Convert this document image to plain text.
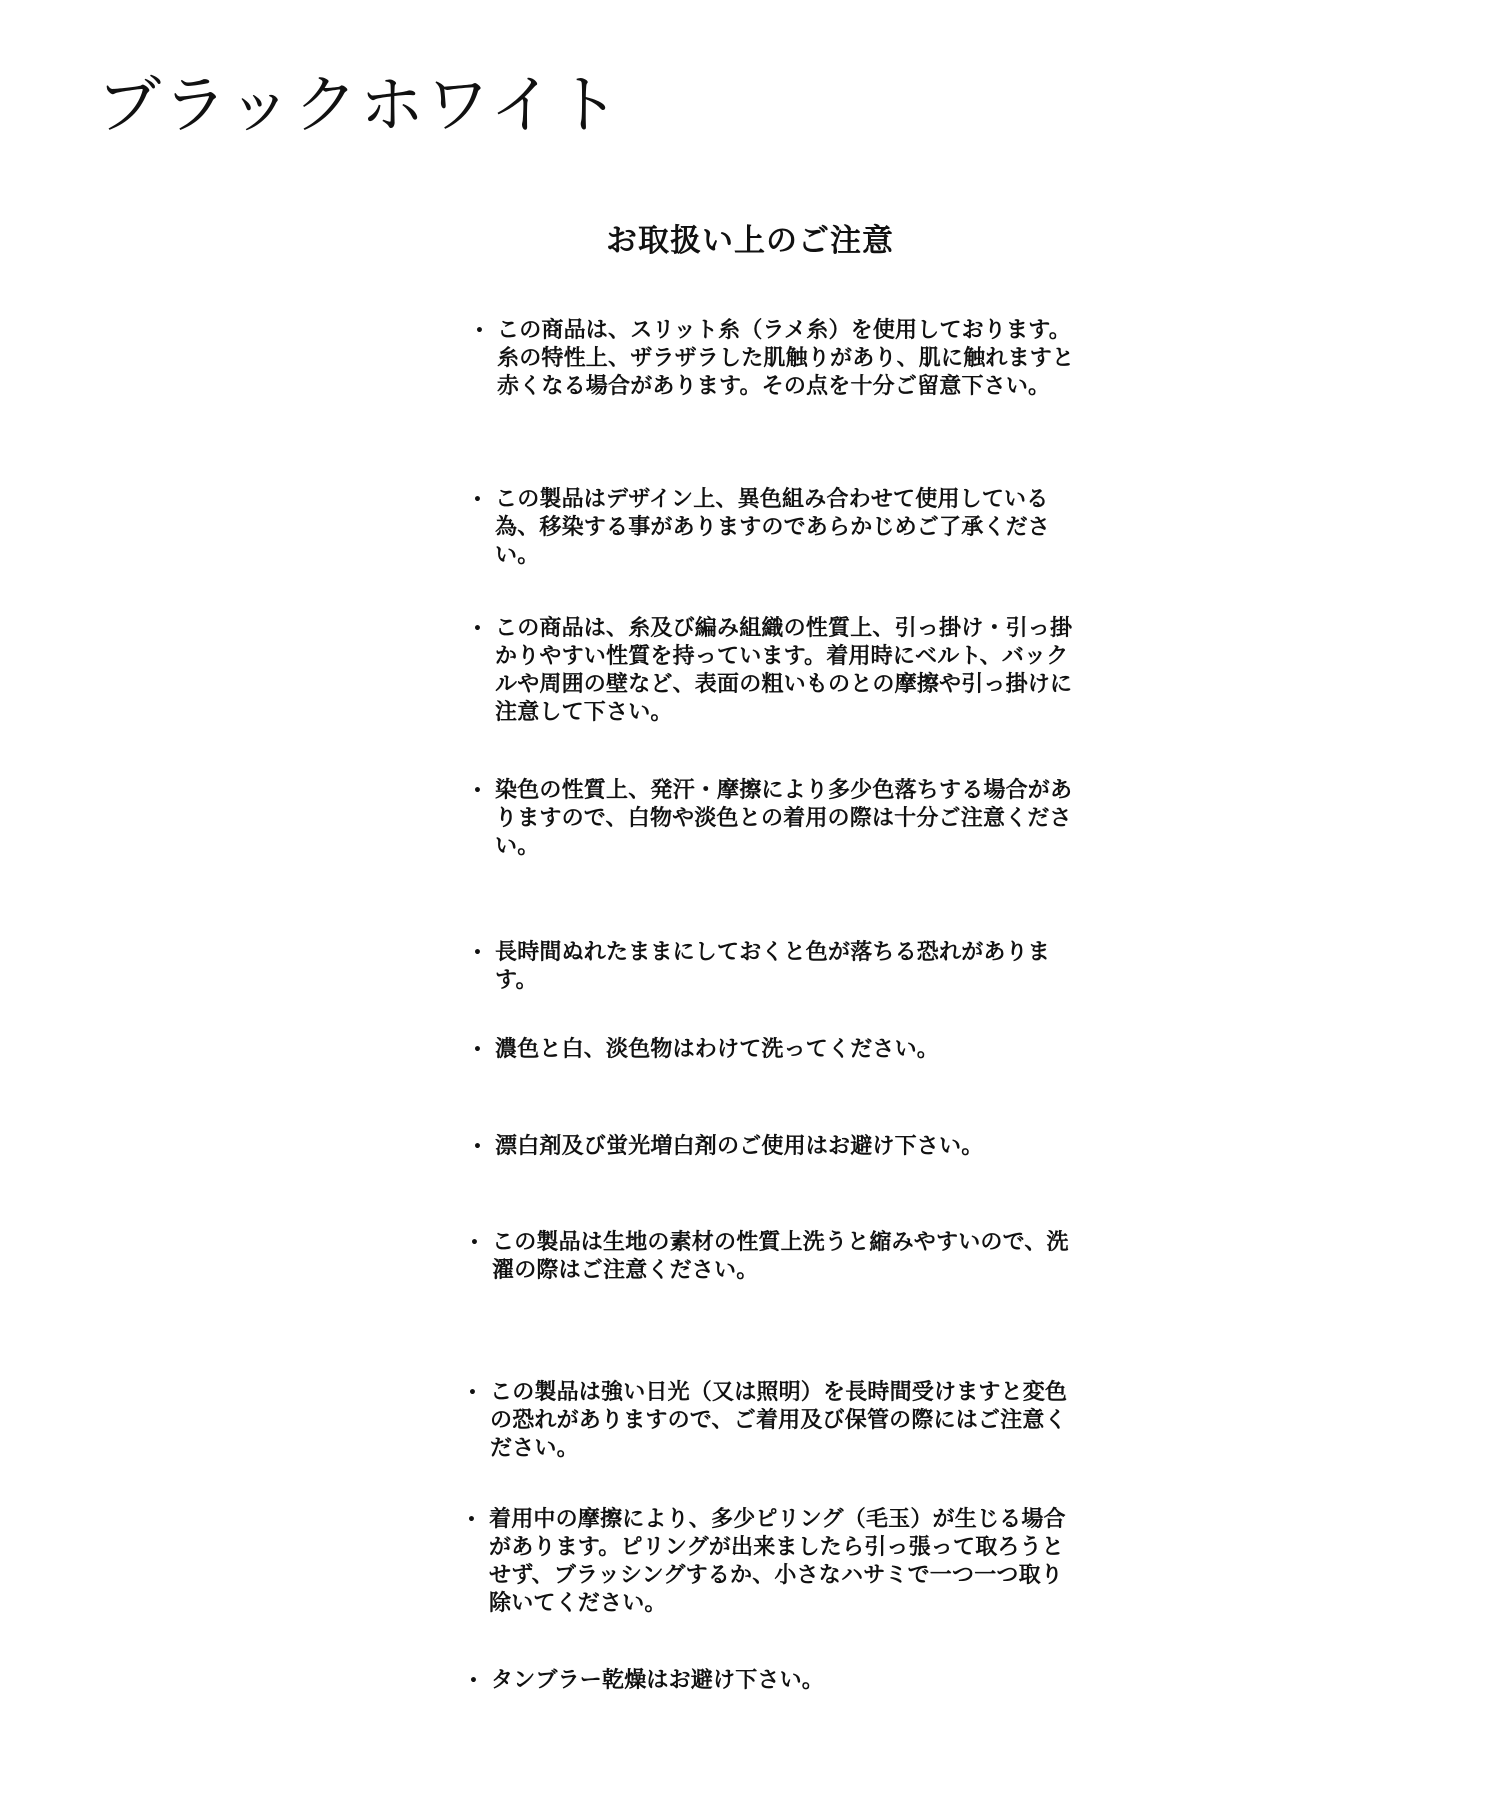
ブラックホワイト
お取扱い上のご注意
• この商品は、スリット糸（ラメ糸）を使用しております。糸の特性上、ザラザラした肌触りがあり、肌に触れますと赤くなる場合があります。その点を十分ご留意下さい。
• この製品はデザイン上、異色組み合わせて使用している為、移染する事がありますのであらかじめご了承ください。
• この商品は、糸及び編み組織の性質上、引っ掛け・引っ掛かりやすい性質を持っています。着用時にベルト、バックルや周囲の壁など、表面の粗いものとの摩擦や引っ掛けに注意して下さい。
• 染色の性質上、発汗・摩擦により多少色落ちする場合がありますので、白物や淡色との着用の際は十分ご注意ください。
• 長時間ぬれたままにしておくと色が落ちる恐れがあります。
• 濃色と白、淡色物はわけて洗ってください。
• 漂白剤及び蛍光増白剤のご使用はお避け下さい。
• この製品は生地の素材の性質上洗うと縮みやすいので、洗濯の際はご注意ください。
• この製品は強い日光（又は照明）を長時間受けますと変色の恐れがありますので、ご着用及び保管の際にはご注意ください。
• 着用中の摩擦により、多少ピリング（毛玉）が生じる場合があります。ピリングが出来ましたら引っ張って取ろうとせず、ブラッシングするか、小さなハサミで一つ一つ取り除いてください。
• タンブラー乾燥はお避け下さい。
